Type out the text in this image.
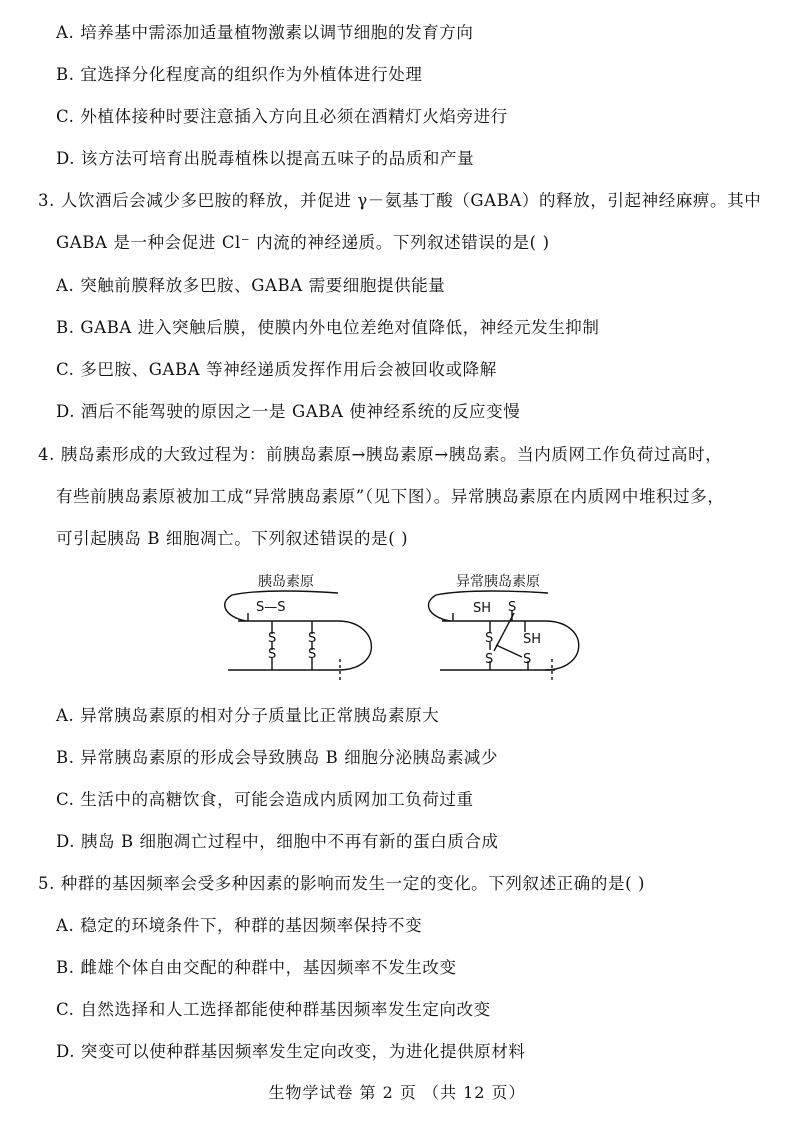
A. 培养基中需添加适量植物激素以调节细胞的发育方向
B. 宜选择分化程度高的组织作为外植体进行处理
C. 外植体接种时要注意插入方向且必须在酒精灯火焰旁进行
D. 该方法可培育出脱毒植株以提高五味子的品质和产量
3. 人饮酒后会减少多巴胺的释放，并促进 γ－氨基丁酸（GABA）的释放，引起神经麻痹。其中
GABA 是一种会促进 Cl⁻ 内流的神经递质。下列叙述错误的是( )
A. 突触前膜释放多巴胺、GABA 需要细胞提供能量
B. GABA 进入突触后膜，使膜内外电位差绝对值降低，神经元发生抑制
C. 多巴胺、GABA 等神经递质发挥作用后会被回收或降解
D. 酒后不能驾驶的原因之一是 GABA 使神经系统的反应变慢
4. 胰岛素形成的大致过程为：前胰岛素原→胰岛素原→胰岛素。当内质网工作负荷过高时，
有些前胰岛素原被加工成“异常胰岛素原”（见下图）。异常胰岛素原在内质网中堆积过多，
可引起胰岛 B 细胞凋亡。下列叙述错误的是( )
胰岛素原	异常胰岛素原
S—S
S
S
S
S
SH S
S SH
S S
A. 异常胰岛素原的相对分子质量比正常胰岛素原大
B. 异常胰岛素原的形成会导致胰岛 B 细胞分泌胰岛素减少
C. 生活中的高糖饮食，可能会造成内质网加工负荷过重
D. 胰岛 B 细胞凋亡过程中，细胞中不再有新的蛋白质合成
5. 种群的基因频率会受多种因素的影响而发生一定的变化。下列叙述正确的是( )
A. 稳定的环境条件下，种群的基因频率保持不变
B. 雌雄个体自由交配的种群中，基因频率不发生改变
C. 自然选择和人工选择都能使种群基因频率发生定向改变
D. 突变可以使种群基因频率发生定向改变，为进化提供原材料
生物学试卷 第 2 页 （共 12 页）
